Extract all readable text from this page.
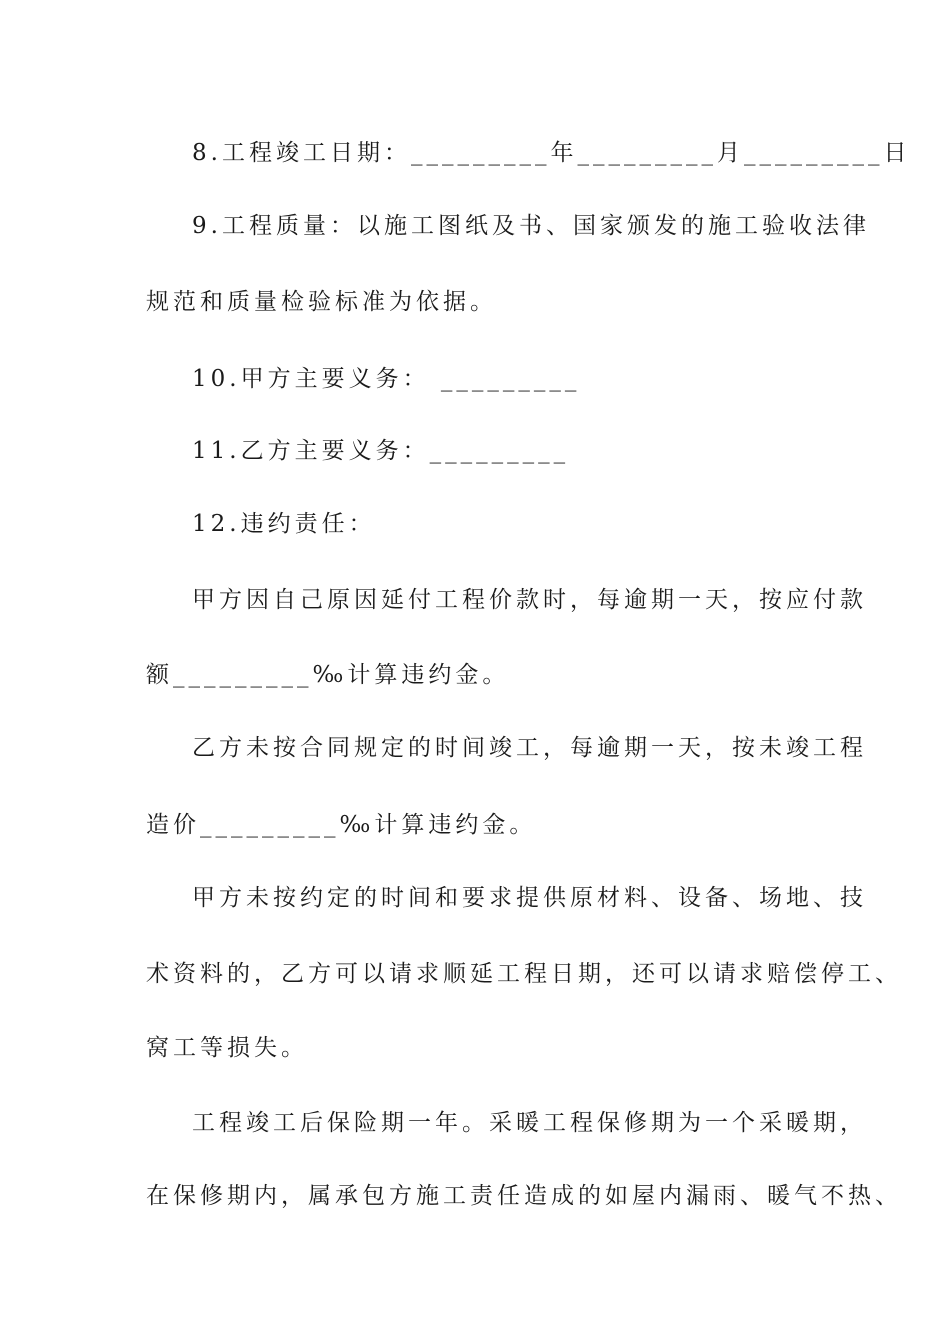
8.工程竣工日期：_________年_________月_________日
9.工程质量：以施工图纸及书、国家颁发的施工验收法律
规范和质量检验标准为依据。
10.甲方主要义务： _________
11.乙方主要义务：_________
12.违约责任：
甲方因自己原因延付工程价款时，每逾期一天，按应付款
额_________‰计算违约金。
乙方未按合同规定的时间竣工，每逾期一天，按未竣工程
造价_________‰计算违约金。
甲方未按约定的时间和要求提供原材料、设备、场地、技
术资料的，乙方可以请求顺延工程日期，还可以请求赔偿停工、
窝工等损失。
工程竣工后保险期一年。采暖工程保修期为一个采暖期，
在保修期内，属承包方施工责任造成的如屋内漏雨、暖气不热、
